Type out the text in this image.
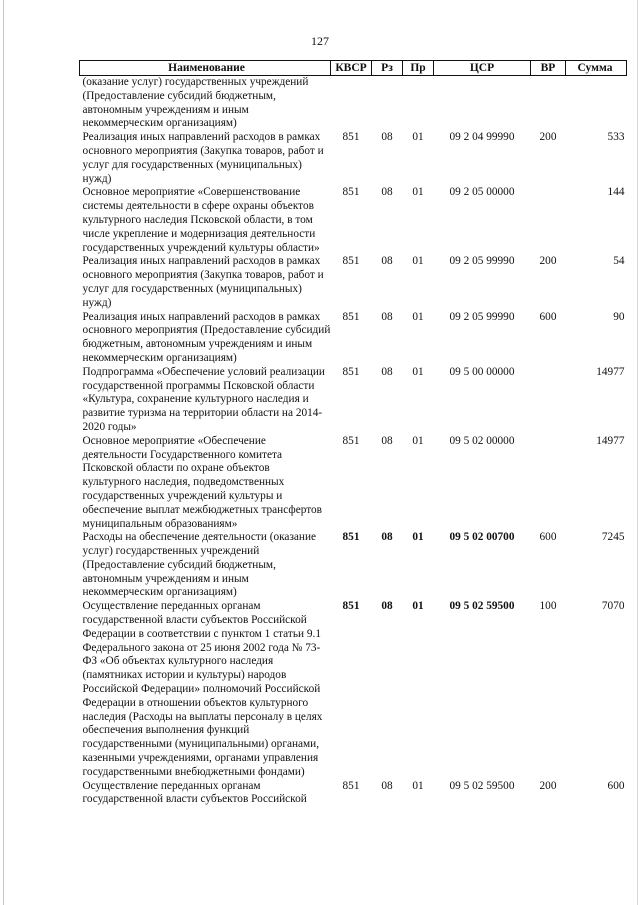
127
Наименование	КВСР	Рз	Пр	ЦСР	ВР	Сумма
(оказание услуг) государственных учреждений (Предоставление субсидий бюджетным, автономным учреждениям и иным некоммерческим организациям)						
Реализация иных направлений расходов в рамках основного мероприятия (Закупка товаров, работ и услуг для государственных (муниципальных) нужд)	851	08	01	09 2 04 99990	200	533
Основное мероприятие «Совершенствование системы деятельности в сфере охраны объектов культурного наследия Псковской области, в том числе укрепление и модернизация деятельности государственных учреждений культуры области»	851	08	01	09 2 05 00000		144
Реализация иных направлений расходов в рамках основного мероприятия (Закупка товаров, работ и услуг для государственных (муниципальных) нужд)	851	08	01	09 2 05 99990	200	54
Реализация иных направлений расходов в рамках основного мероприятия (Предоставление субсидий бюджетным, автономным учреждениям и иным некоммерческим организациям)	851	08	01	09 2 05 99990	600	90
Подпрограмма «Обеспечение условий реализации государственной программы Псковской области «Культура, сохранение культурного наследия и развитие туризма на территории области на 2014-2020 годы»	851	08	01	09 5 00 00000		14977
Основное мероприятие «Обеспечение деятельности Государственного комитета Псковской области по охране объектов культурного наследия, подведомственных государственных учреждений культуры и обеспечение выплат межбюджетных трансфертов муниципальным образованиям»	851	08	01	09 5 02 00000		14977
Расходы на обеспечение деятельности (оказание услуг) государственных учреждений (Предоставление субсидий бюджетным, автономным учреждениям и иным некоммерческим организациям)	851	08	01	09 5 02 00700	600	7245
Осуществление переданных органам государственной власти субъектов Российской Федерации в соответствии с пунктом 1 статьи 9.1 Федерального закона от 25 июня 2002 года № 73-ФЗ «Об объектах культурного наследия (памятниках истории и культуры) народов Российской Федерации» полномочий Российской Федерации в отношении объектов культурного наследия (Расходы на выплаты персоналу в целях обеспечения выполнения функций государственными (муниципальными) органами, казенными учреждениями, органами управления государственными внебюджетными фондами)	851	08	01	09 5 02 59500	100	7070
Осуществление переданных органам государственной власти субъектов Российской	851	08	01	09 5 02 59500	200	600
